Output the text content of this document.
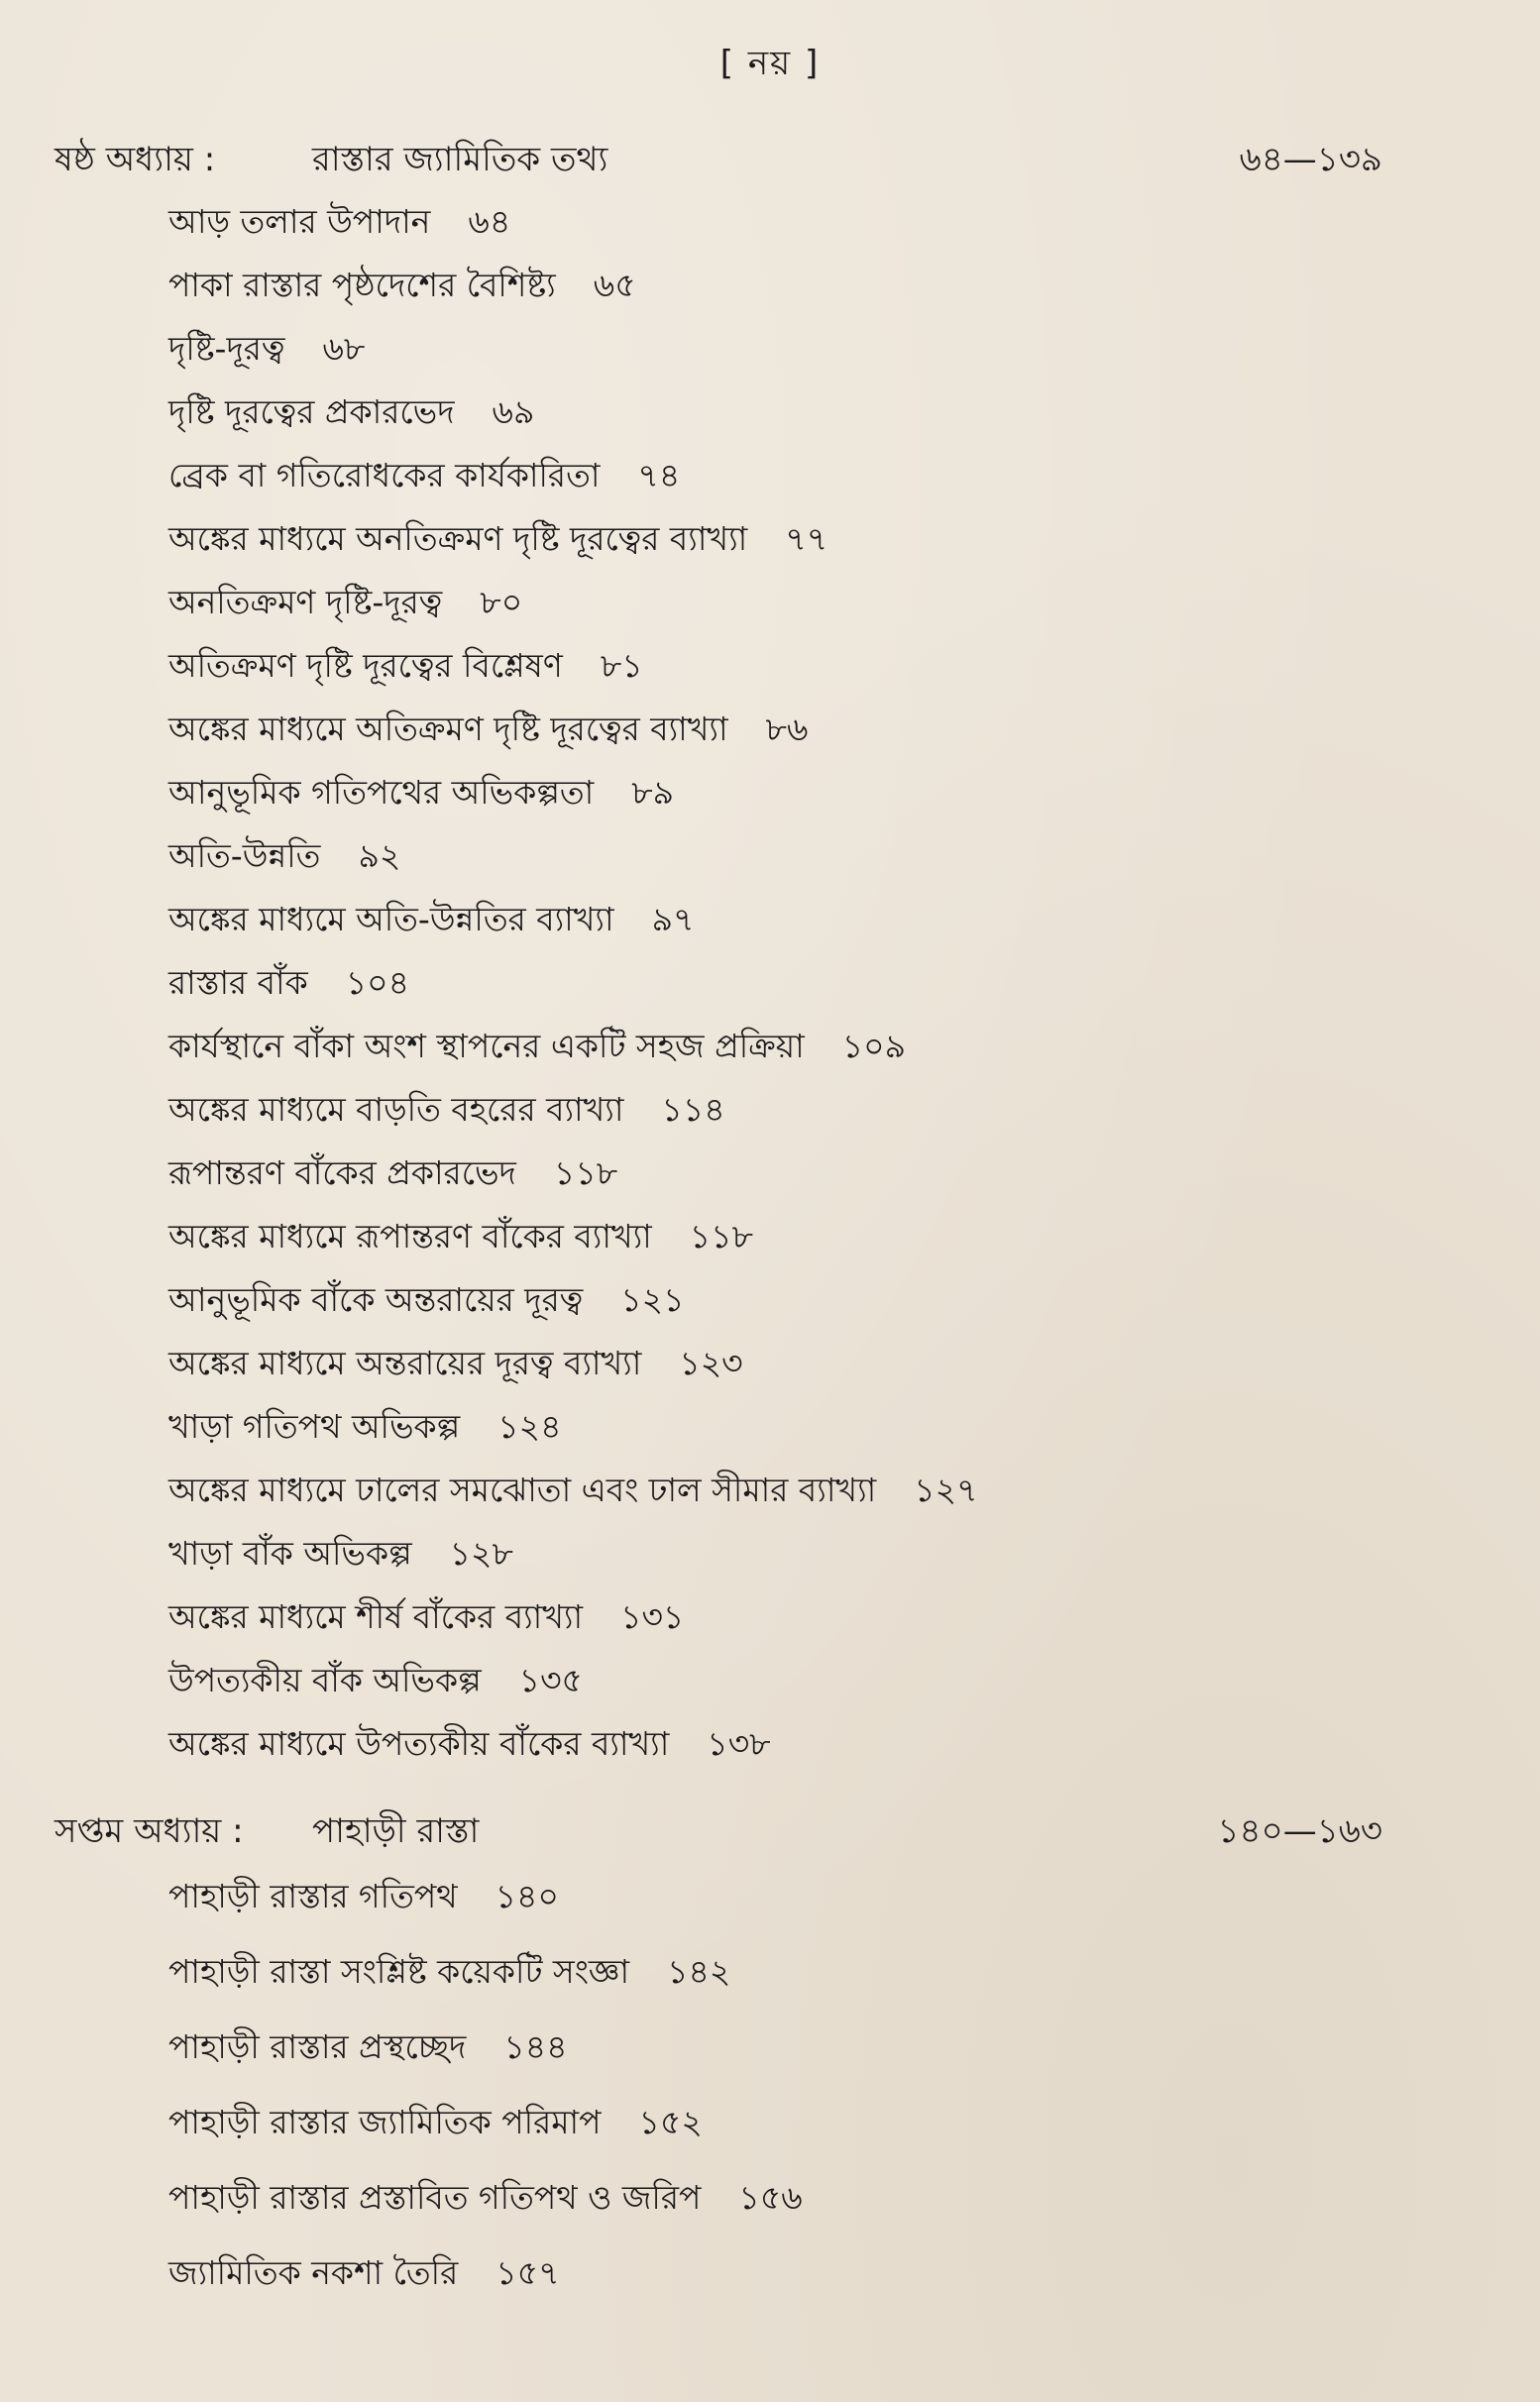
[ নয় ]
ষষ্ঠ অধ্যায় :	রাস্তার জ্যামিতিক তথ্য	৬৪—১৩৯
আড় তলার উপাদান ৬৪
পাকা রাস্তার পৃষ্ঠদেশের বৈশিষ্ট্য ৬৫
দৃষ্টি-দূরত্ব ৬৮
দৃষ্টি দূরত্বের প্রকারভেদ ৬৯
ব্রেক বা গতিরোধকের কার্যকারিতা ৭৪
অঙ্কের মাধ্যমে অনতিক্রমণ দৃষ্টি দূরত্বের ব্যাখ্যা ৭৭
অনতিক্রমণ দৃষ্টি-দূরত্ব ৮০
অতিক্রমণ দৃষ্টি দূরত্বের বিশ্লেষণ ৮১
অঙ্কের মাধ্যমে অতিক্রমণ দৃষ্টি দূরত্বের ব্যাখ্যা ৮৬
আনুভূমিক গতিপথের অভিকল্পতা ৮৯
অতি-উন্নতি ৯২
অঙ্কের মাধ্যমে অতি-উন্নতির ব্যাখ্যা ৯৭
রাস্তার বাঁক ১০৪
কার্যস্থানে বাঁকা অংশ স্থাপনের একটি সহজ প্রক্রিয়া ১০৯
অঙ্কের মাধ্যমে বাড়তি বহরের ব্যাখ্যা ১১৪
রূপান্তরণ বাঁকের প্রকারভেদ ১১৮
অঙ্কের মাধ্যমে রূপান্তরণ বাঁকের ব্যাখ্যা ১১৮
আনুভূমিক বাঁকে অন্তরায়ের দূরত্ব ১২১
অঙ্কের মাধ্যমে অন্তরায়ের দূরত্ব ব্যাখ্যা ১২৩
খাড়া গতিপথ অভিকল্প ১২৪
অঙ্কের মাধ্যমে ঢালের সমঝোতা এবং ঢাল সীমার ব্যাখ্যা ১২৭
খাড়া বাঁক অভিকল্প ১২৮
অঙ্কের মাধ্যমে শীর্ষ বাঁকের ব্যাখ্যা ১৩১
উপত্যকীয় বাঁক অভিকল্প ১৩৫
অঙ্কের মাধ্যমে উপত্যকীয় বাঁকের ব্যাখ্যা ১৩৮
সপ্তম অধ্যায় : পাহাড়ী রাস্তা	১৪০—১৬৩
পাহাড়ী রাস্তার গতিপথ ১৪০
পাহাড়ী রাস্তা সংশ্লিষ্ট কয়েকটি সংজ্ঞা ১৪২
পাহাড়ী রাস্তার প্রস্থচ্ছেদ ১৪৪
পাহাড়ী রাস্তার জ্যামিতিক পরিমাপ ১৫২
পাহাড়ী রাস্তার প্রস্তাবিত গতিপথ ও জরিপ ১৫৬
জ্যামিতিক নকশা তৈরি ১৫৭
